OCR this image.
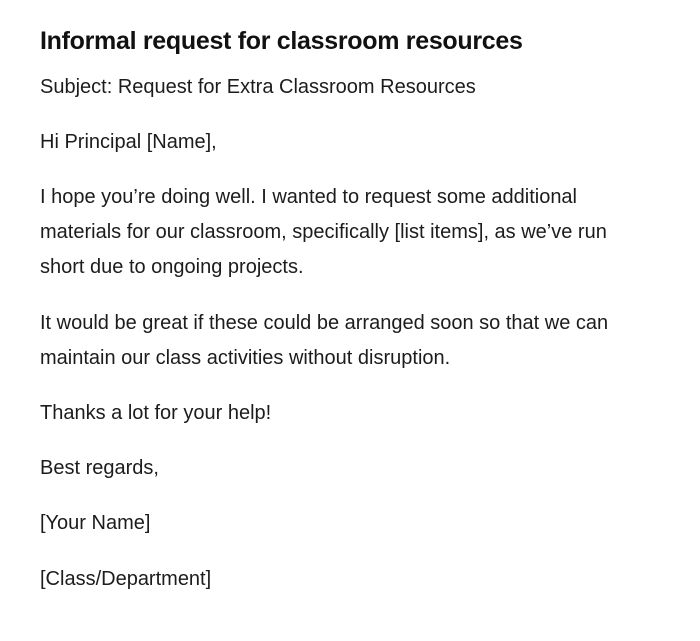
Informal request for classroom resources

Subject: Request for Extra Classroom Resources

Hi Principal [Name],

I hope you’re doing well. I wanted to request some additional materials for our classroom, specifically [list items], as we’ve run short due to ongoing projects.

It would be great if these could be arranged soon so that we can maintain our class activities without disruption.

Thanks a lot for your help!

Best regards,

[Your Name]

[Class/Department]
